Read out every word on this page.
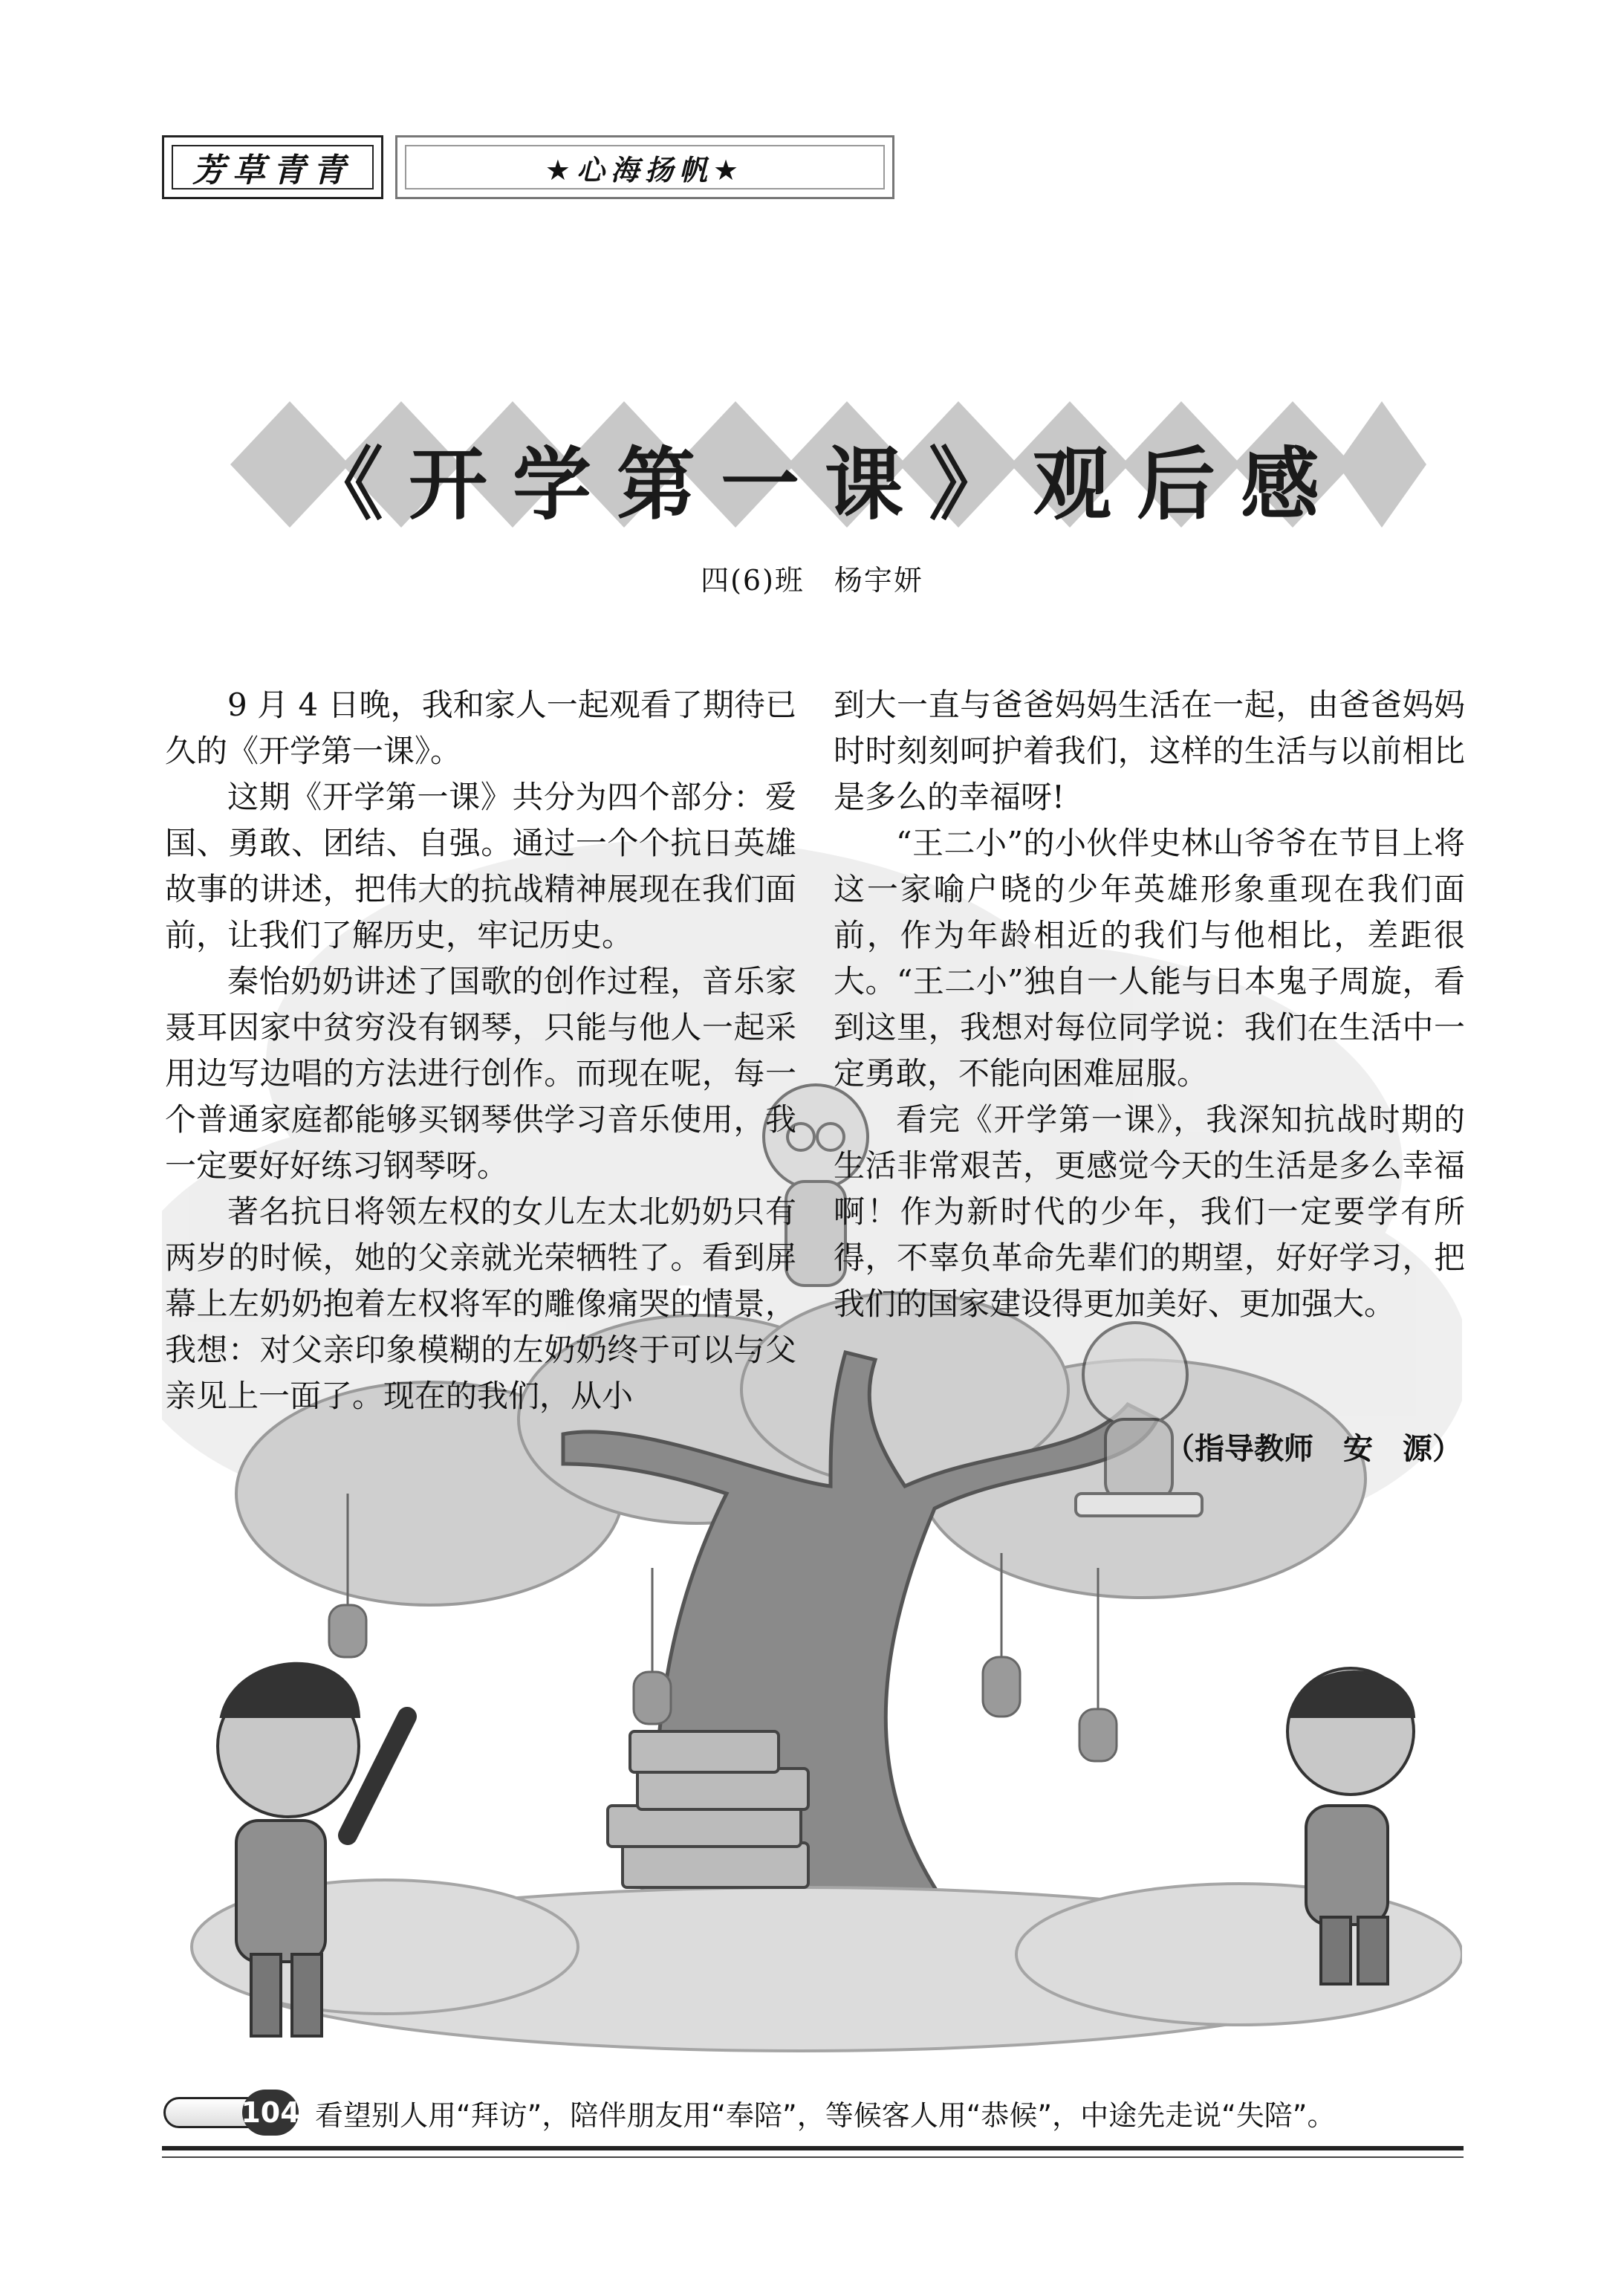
芳草青青	★心海扬帆★
《开学第一课》观后感
四(6)班　杨宇妍

9 月 4 日晚，我和家人一起观看了期待已久的《开学第一课》。

这期《开学第一课》共分为四个部分：爱国、勇敢、团结、自强。通过一个个抗日英雄故事的讲述，把伟大的抗战精神展现在我们面前，让我们了解历史，牢记历史。

秦怡奶奶讲述了国歌的创作过程，音乐家聂耳因家中贫穷没有钢琴，只能与他人一起采用边写边唱的方法进行创作。而现在呢，每一个普通家庭都能够买钢琴供学习音乐使用，我一定要好好练习钢琴呀。

著名抗日将领左权的女儿左太北奶奶只有两岁的时候，她的父亲就光荣牺牲了。看到屏幕上左奶奶抱着左权将军的雕像痛哭的情景，我想：对父亲印象模糊的左奶奶终于可以与父亲见上一面了。现在的我们，从小

到大一直与爸爸妈妈生活在一起，由爸爸妈妈时时刻刻呵护着我们，这样的生活与以前相比是多么的幸福呀!

“王二小”的小伙伴史林山爷爷在节目上将这一家喻户晓的少年英雄形象重现在我们面前，作为年龄相近的我们与他相比，差距很大。“王二小”独自一人能与日本鬼子周旋，看到这里，我想对每位同学说：我们在生活中一定勇敢，不能向困难屈服。

看完《开学第一课》，我深知抗战时期的生活非常艰苦，更感觉今天的生活是多么幸福啊！作为新时代的少年，我们一定要学有所得，不辜负革命先辈们的期望，好好学习，把我们的国家建设得更加美好、更加强大。

（指导教师　安　源）
104 看望别人用“拜访”，陪伴朋友用“奉陪”，等候客人用“恭候”，中途先走说“失陪”。
